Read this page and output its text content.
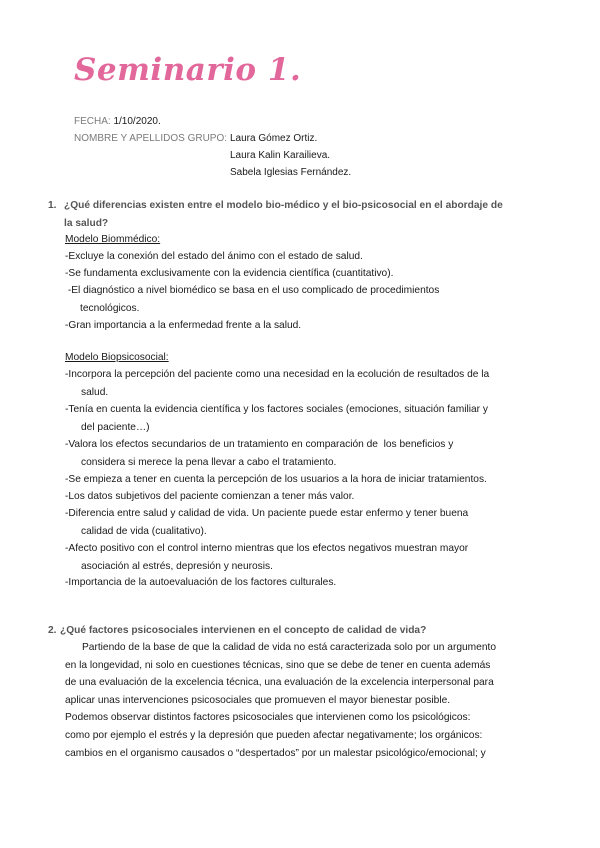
Seminario 1.
FECHA: 1/10/2020.
NOMBRE Y APELLIDOS GRUPO: Laura Gómez Ortiz.
Laura Kalin Karailieva.
Sabela Iglesias Fernández.
1. ¿Qué diferencias existen entre el modelo bio-médico y el bio-psicosocial en el abordaje de
la salud?
Modelo Biommédico:
-Excluye la conexión del estado del ánimo con el estado de salud.
-Se fundamenta exclusivamente con la evidencia científica (cuantitativo).
-El diagnóstico a nivel biomédico se basa en el uso complicado de procedimientos
tecnológicos.
-Gran importancia a la enfermedad frente a la salud.
Modelo Biopsicosocial:
-Incorpora la percepción del paciente como una necesidad en la ecolución de resultados de la
salud.
-Tenía en cuenta la evidencia científica y los factores sociales (emociones, situación familiar y
del paciente…)
-Valora los efectos secundarios de un tratamiento en comparación de  los beneficios y
considera si merece la pena llevar a cabo el tratamiento.
-Se empieza a tener en cuenta la percepción de los usuarios a la hora de iniciar tratamientos.
-Los datos subjetivos del paciente comienzan a tener más valor.
-Diferencia entre salud y calidad de vida. Un paciente puede estar enfermo y tener buena
calidad de vida (cualitativo).
-Afecto positivo con el control interno mientras que los efectos negativos muestran mayor
asociación al estrés, depresión y neurosis.
-Importancia de la autoevaluación de los factores culturales.
2. ¿Qué factores psicosociales intervienen en el concepto de calidad de vida?
Partiendo de la base de que la calidad de vida no está caracterizada solo por un argumento
en la longevidad, ni solo en cuestiones técnicas, sino que se debe de tener en cuenta además
de una evaluación de la excelencia técnica, una evaluación de la excelencia interpersonal para
aplicar unas intervenciones psicosociales que promueven el mayor bienestar posible.
Podemos observar distintos factores psicosociales que intervienen como los psicológicos:
como por ejemplo el estrés y la depresión que pueden afectar negativamente; los orgánicos:
cambios en el organismo causados o “despertados” por un malestar psicológico/emocional; y
